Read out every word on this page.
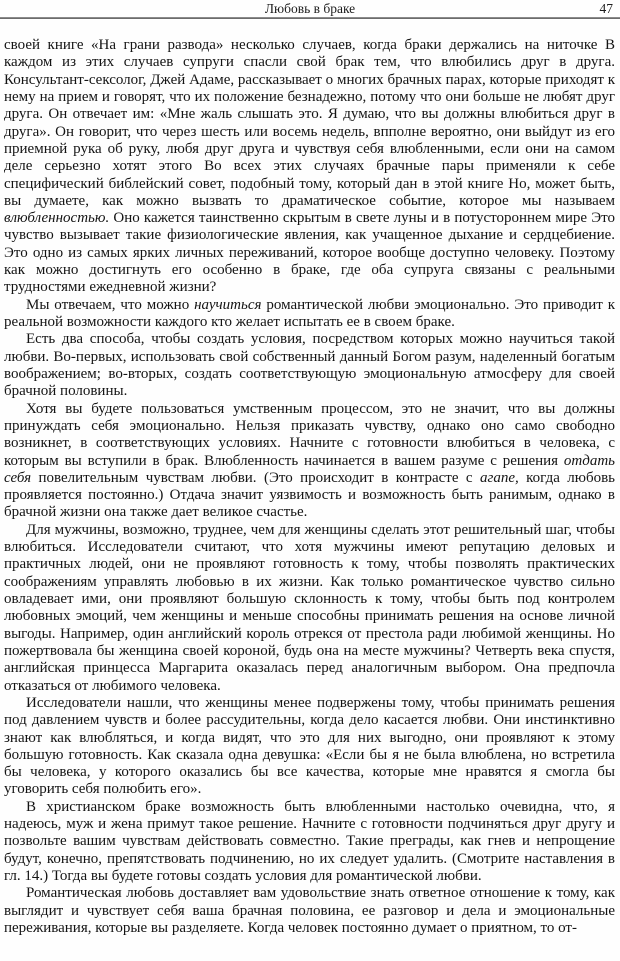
Любовь в браке	47

своей книге «На грани развода» несколько случаев, когда браки держались на ниточке В каждом из этих случаев супруги спасли свой брак тем, что влюбились друг в друга. Консультант-сексолог, Джей Адаме, рассказывает о многих брачных парах, которые приходят к нему на прием и говорят, что их положение безнадежно, потому что они больше не любят друг друга. Он отвечает им: «Мне жаль слышать это. Я думаю, что вы должны влюбиться друг в друга». Он говорит, что через шесть или восемь недель, впполне вероятно, они выйдут из его приемной рука об руку, любя друг друга и чувствуя себя влюбленными, если они на самом деле серьезно хотят этого Во всех этих случаях брачные пары применяли к себе специфический библейский совет, подобный тому, который дан в этой книге Но, может быть, вы думаете, как можно вызвать то драматическое событие, которое мы называем влюбленностью. Оно кажется таинственно скрытым в свете луны и в потустороннем мире Это чувство вызывает такие физиологические явления, как учащенное дыхание и сердцебиение. Это одно из самых ярких личных переживаний, которое вообще доступно человеку. Поэтому как можно достигнуть его особенно в браке, где оба супруга связаны с реальными трудностями ежедневной жизни?

Мы отвечаем, что можно научиться романтической любви эмоционально. Это приводит к реальной возможности каждого кто желает испытать ее в своем браке.

Есть два способа, чтобы создать условия, посредством которых можно научиться такой любви. Во-первых, использовать свой собственный данный Богом разум, наделенный богатым воображением; во-вторых, создать соответствующую эмоциональную атмосферу для своей брачной половины.

Хотя вы будете пользоваться умственным процессом, это не значит, что вы должны принуждать себя эмоционально. Нельзя приказать чувству, однако оно само свободно возникнет, в соответствующих условиях. Начните с готовности влюбиться в человека, с которым вы вступили в брак. Влюбленность начинается в вашем разуме с решения отдать себя повелительным чувствам любви. (Это происходит в контрасте с агапе, когда любовь проявляется постоянно.) Отдача значит уязвимость и возможность быть ранимым, однако в брачной жизни она также дает великое счастье.

Для мужчины, возможно, труднее, чем для женщины сделать этот решительный шаг, чтобы влюбиться. Исследователи считают, что хотя мужчины имеют репутацию деловых и практичных людей, они не проявляют готовность к тому, чтобы позволять практических соображениям управлять любовью в их жизни. Как только романтическое чувство сильно овладевает ими, они проявляют большую склонность к тому, чтобы быть под контролем любовных эмоций, чем женщины и меньше способны принимать решения на основе личной выгоды. Например, один английский король отрекся от престола ради любимой женщины. Но пожертвовала бы женщина своей короной, будь она на месте мужчины? Четверть века спустя, английская принцесса Маргарита оказалась перед аналогичным выбором. Она предпочла отказаться от любимого человека.

Исследователи нашли, что женщины менее подвержены тому, чтобы принимать решения под давлением чувств и более рассудительны, когда дело касается любви. Они инстинктивно знают как влюбляться, и когда видят, что это для них выгодно, они проявляют к этому большую готовность. Как сказала одна девушка: «Если бы я не была влюблена, но встретила бы человека, у которого оказались бы все качества, которые мне нравятся я смогла бы уговорить себя полюбить его».

В христианском браке возможность быть влюбленными настолько очевидна, что, я надеюсь, муж и жена примут такое решение. Начните с готовности подчиняться друг другу и позвольте вашим чувствам действовать совместно. Такие преграды, как гнев и непрощение будут, конечно, препятствовать подчинению, но их следует удалить. (Смотрите наставления в гл. 14.) Тогда вы будете готовы создать условия для романтической любви.

Романтическая любовь доставляет вам удовольствие знать ответное отношение к тому, как выглядит и чувствует себя ваша брачная половина, ее разговор и дела и эмоциональные переживания, которые вы разделяете. Когда человек постоянно думает о приятном, то от-
